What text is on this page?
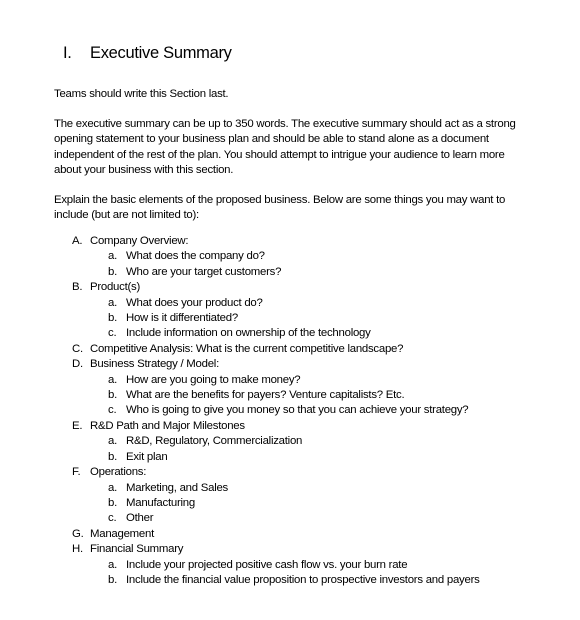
I. Executive Summary

Teams should write this Section last.

The executive summary can be up to 350 words. The executive summary should act as a strong opening statement to your business plan and should be able to stand alone as a document independent of the rest of the plan. You should attempt to intrigue your audience to learn more about your business with this section.

Explain the basic elements of the proposed business. Below are some things you may want to include (but are not limited to):

A. Company Overview:
a. What does the company do?
b. Who are your target customers?
B. Product(s)
a. What does your product do?
b. How is it differentiated?
c. Include information on ownership of the technology
C. Competitive Analysis: What is the current competitive landscape?
D. Business Strategy / Model:
a. How are you going to make money?
b. What are the benefits for payers? Venture capitalists? Etc.
c. Who is going to give you money so that you can achieve your strategy?
E. R&D Path and Major Milestones
a. R&D, Regulatory, Commercialization
b. Exit plan
F. Operations:
a. Marketing, and Sales
b. Manufacturing
c. Other
G. Management
H. Financial Summary
a. Include your projected positive cash flow vs. your burn rate
b. Include the financial value proposition to prospective investors and payers
